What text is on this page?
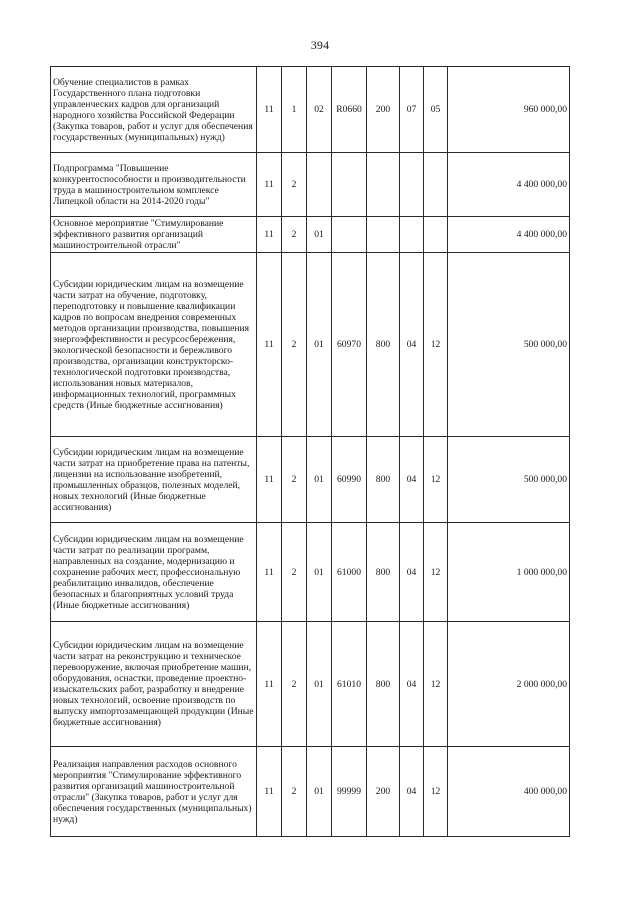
394
Обучение специалистов в рамках Государственного плана подготовки управленческих кадров для организаций народного хозяйства Российской Федерации (Закупка товаров, работ и услуг для обеспечения государственных (муниципальных) нужд)	11	1	02	R0660	200	07	05	960 000,00
Подпрограмма "Повышение конкурентоспособности и производительности труда в машиностроительном комплексе Липецкой области на 2014-2020 годы"	11	2						4 400 000,00
Основное мероприятие "Стимулирование эффективного развития организаций машиностроительной отрасли"	11	2	01					4 400 000,00
Субсидии юридическим лицам на возмещение части затрат на обучение, подготовку, переподготовку и повышение квалификации кадров по вопросам внедрения современных методов организации производства, повышения энергоэффективности и ресурсосбережения, экологической безопасности и бережливого производства, организации конструкторско-технологической подготовки производства, использования новых материалов, информационных технологий, программных средств (Иные бюджетные ассигнования)	11	2	01	60970	800	04	12	500 000,00
Субсидии юридическим лицам на возмещение части затрат на приобретение права на патенты, лицензии на использование изобретений, промышленных образцов, полезных моделей, новых технологий (Иные бюджетные ассигнования)	11	2	01	60990	800	04	12	500 000,00
Субсидии юридическим лицам на возмещение части затрат по реализации программ, направленных на создание, модернизацию и сохранение рабочих мест, профессиональную реабилитацию инвалидов, обеспечение безопасных и благоприятных условий труда (Иные бюджетные ассигнования)	11	2	01	61000	800	04	12	1 000 000,00
Субсидии юридическим лицам на возмещение части затрат на реконструкцию и техническое перевооружение, включая приобретение машин, оборудования, оснастки, проведение проектно-изыскательских работ, разработку и внедрение новых технологий, освоение производств по выпуску импортозамещающей продукции (Иные бюджетные ассигнования)	11	2	01	61010	800	04	12	2 000 000,00
Реализация направления расходов основного мероприятия "Стимулирование эффективного развития организаций машиностроительной отрасли" (Закупка товаров, работ и услуг для обеспечения государственных (муниципальных) нужд)	11	2	01	99999	200	04	12	400 000,00
